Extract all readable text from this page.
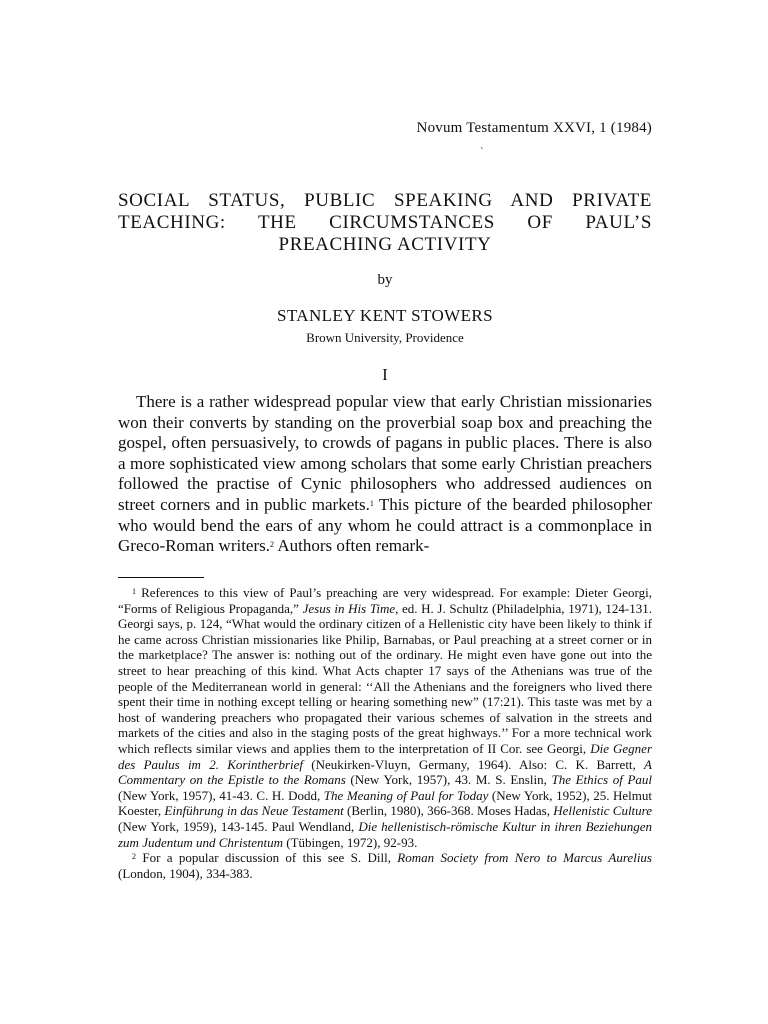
Novum Testamentum XXVI, 1 (1984)
ˋ
SOCIAL STATUS, PUBLIC SPEAKING AND PRIVATE
TEACHING: THE CIRCUMSTANCES OF PAUL’S
PREACHING ACTIVITY
by
STANLEY KENT STOWERS
Brown University, Providence
I

There is a rather widespread popular view that early Christian missionaries won their converts by standing on the proverbial soap box and preaching the gospel, often persuasively, to crowds of pagans in public places. There is also a more sophisticated view among scholars that some early Christian preachers followed the practise of Cynic philosophers who addressed audiences on street corners and in public markets.$^1$ This picture of the bearded philosopher who would bend the ears of any whom he could attract is a commonplace in Greco-Roman writers.$^2$ Authors often remark-

$^1$ References to this view of Paul’s preaching are very widespread. For example: Dieter Georgi, “Forms of Religious Propaganda,” Jesus in His Time, ed. H. J. Schultz (Philadelphia, 1971), 124-131. Georgi says, p. 124, “What would the ordinary citizen of a Hellenistic city have been likely to think if he came across Christian missionaries like Philip, Barnabas, or Paul preaching at a street corner or in the marketplace? The answer is: nothing out of the ordinary. He might even have gone out into the street to hear preaching of this kind. What Acts chapter 17 says of the Athenians was true of the people of the Mediterranean world in general: ‘‘All the Athenians and the foreigners who lived there spent their time in nothing except telling or hearing something new” (17:21). This taste was met by a host of wandering preachers who propagated their various schemes of salvation in the streets and markets of the cities and also in the staging posts of the great highways.’’ For a more technical work which reflects similar views and applies them to the interpretation of II Cor. see Georgi, Die Gegner des Paulus im 2. Korintherbrief (Neukirken-Vluyn, Germany, 1964). Also: C. K. Barrett, A Commentary on the Epistle to the Romans (New York, 1957), 43. M. S. Enslin, The Ethics of Paul (New York, 1957), 41-43. C. H. Dodd, The Meaning of Paul for Today (New York, 1952), 25. Helmut Koester, Einführung in das Neue Testament (Berlin, 1980), 366-368. Moses Hadas, Hellenistic Culture (New York, 1959), 143-145. Paul Wendland, Die hellenistisch-römische Kultur in ihren Beziehungen zum Judentum und Christentum (Tübingen, 1972), 92-93.

$^2$ For a popular discussion of this see S. Dill, Roman Society from Nero to Marcus Aurelius (London, 1904), 334-383.
